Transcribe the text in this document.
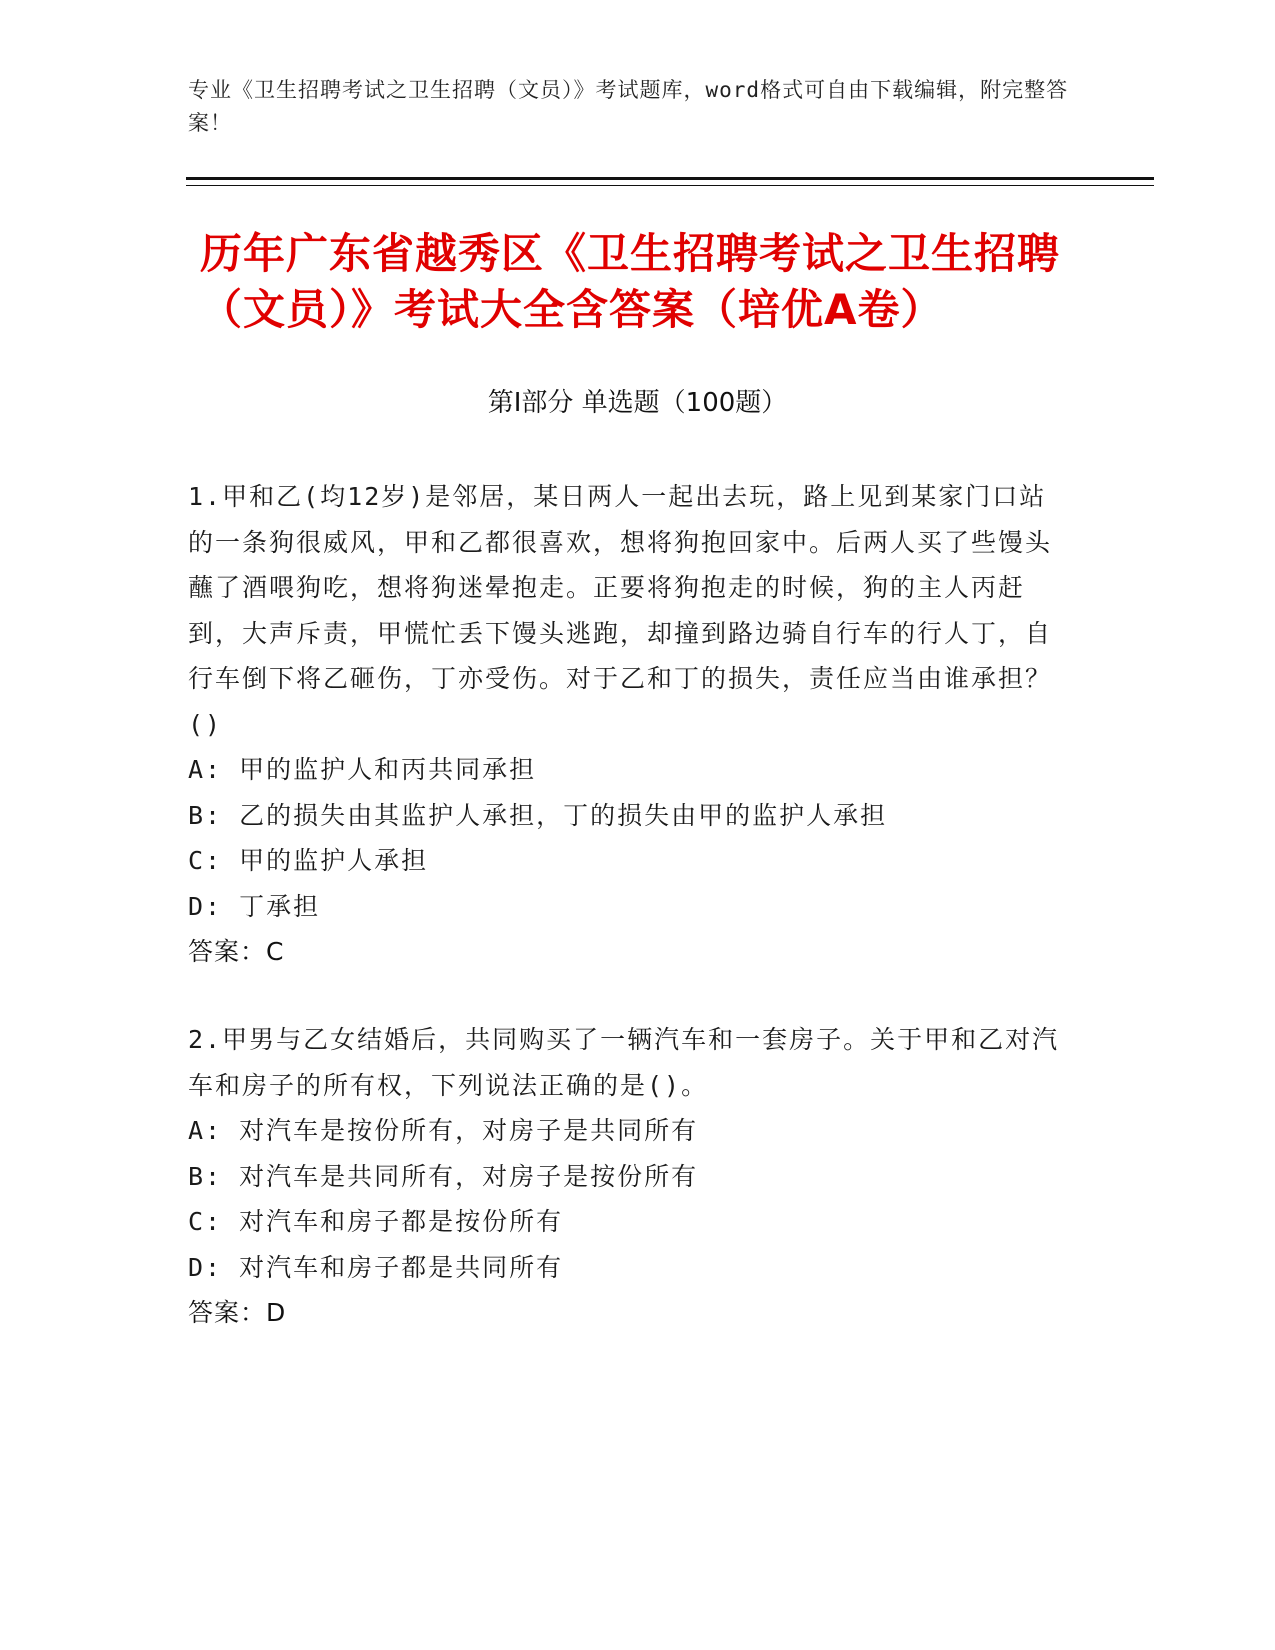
专业《卫生招聘考试之卫生招聘（文员）》考试题库，word格式可自由下载编辑，附完整答案！
历年广东省越秀区《卫生招聘考试之卫生招聘（文员）》考试大全含答案（培优A卷）
第Ⅰ部分 单选题（100题）
1.甲和乙(均12岁)是邻居，某日两人一起出去玩，路上见到某家门口站的一条狗很威风，甲和乙都很喜欢，想将狗抱回家中。后两人买了些馒头蘸了酒喂狗吃，想将狗迷晕抱走。正要将狗抱走的时候，狗的主人丙赶到，大声斥责，甲慌忙丢下馒头逃跑，却撞到路边骑自行车的行人丁，自行车倒下将乙砸伤，丁亦受伤。对于乙和丁的损失，责任应当由谁承担？()
A: 甲的监护人和丙共同承担
B: 乙的损失由其监护人承担，丁的损失由甲的监护人承担
C: 甲的监护人承担
D: 丁承担
答案：C
2.甲男与乙女结婚后，共同购买了一辆汽车和一套房子。关于甲和乙对汽车和房子的所有权，下列说法正确的是()。
A: 对汽车是按份所有，对房子是共同所有
B: 对汽车是共同所有，对房子是按份所有
C: 对汽车和房子都是按份所有
D: 对汽车和房子都是共同所有
答案：D
